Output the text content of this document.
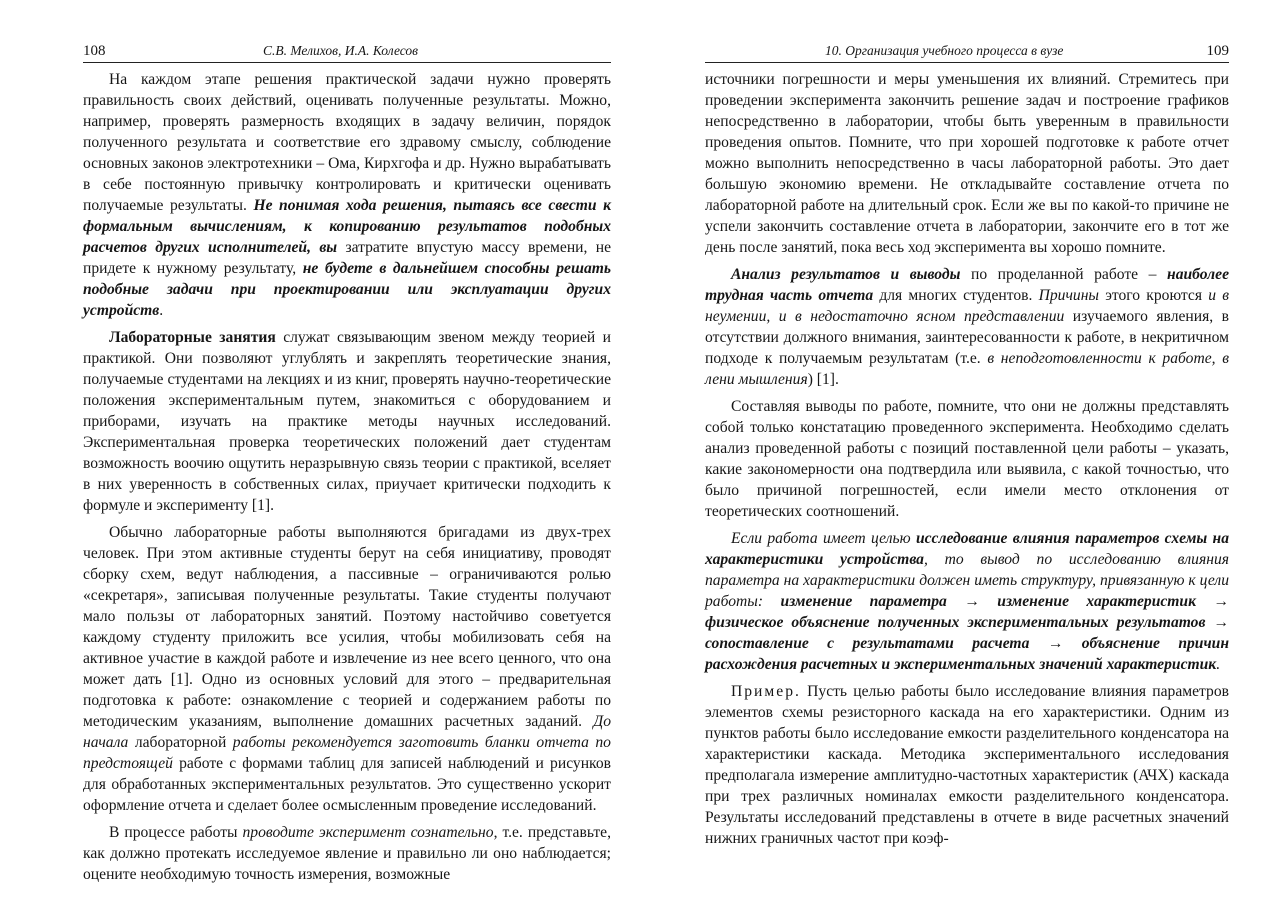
108	С.В. Мелихов, И.А. Колесов

На каждом этапе решения практической задачи нужно проверять правильность своих действий, оценивать полученные результаты. Можно, например, проверять размерность входящих в задачу величин, порядок полученного результата и соответствие его здравому смыслу, соблюдение основных законов электротехники – Ома, Кирхгофа и др. Нужно вырабатывать в себе постоянную привычку контролировать и критически оценивать получаемые результаты. Не понимая хода решения, пытаясь все свести к формальным вычислениям, к копированию результатов подобных расчетов других исполнителей, вы затратите впустую массу времени, не придете к нужному результату, не будете в дальнейшем способны решать подобные задачи при проектировании или эксплуатации других устройств.

Лабораторные занятия служат связывающим звеном между теорией и практикой. Они позволяют углублять и закреплять теоретические знания, получаемые студентами на лекциях и из книг, проверять научно-теоретические положения экспериментальным путем, знакомиться с оборудованием и приборами, изучать на практике методы научных исследований. Экспериментальная проверка теоретических положений дает студентам возможность воочию ощутить неразрывную связь теории с практикой, вселяет в них уверенность в собственных силах, приучает критически подходить к формуле и эксперименту [1].

Обычно лабораторные работы выполняются бригадами из двух-трех человек. При этом активные студенты берут на себя инициативу, проводят сборку схем, ведут наблюдения, а пассивные – ограничиваются ролью «секретаря», записывая полученные результаты. Такие студенты получают мало пользы от лабораторных занятий. Поэтому настойчиво советуется каждому студенту приложить все усилия, чтобы мобилизовать себя на активное участие в каждой работе и извлечение из нее всего ценного, что она может дать [1]. Одно из основных условий для этого – предварительная подготовка к работе: ознакомление с теорией и содержанием работы по методическим указаниям, выполнение домашних расчетных заданий. До начала лабораторной работы рекомендуется заготовить бланки отчета по предстоящей работе с формами таблиц для записей наблюдений и рисунков для обработанных экспериментальных результатов. Это существенно ускорит оформление отчета и сделает более осмысленным проведение исследований.

В процессе работы проводите эксперимент сознательно, т.е. представьте, как должно протекать исследуемое явление и правильно ли оно наблюдается; оцените необходимую точность измерения, возможные

10. Организация учебного процесса в вузе	109

источники погрешности и меры уменьшения их влияний. Стремитесь при проведении эксперимента закончить решение задач и построение графиков непосредственно в лаборатории, чтобы быть уверенным в правильности проведения опытов. Помните, что при хорошей подготовке к работе отчет можно выполнить непосредственно в часы лабораторной работы. Это дает большую экономию времени. Не откладывайте составление отчета по лабораторной работе на длительный срок. Если же вы по какой-то причине не успели закончить составление отчета в лаборатории, закончите его в тот же день после занятий, пока весь ход эксперимента вы хорошо помните.

Анализ результатов и выводы по проделанной работе – наиболее трудная часть отчета для многих студентов. Причины этого кроются и в неумении, и в недостаточно ясном представлении изучаемого явления, в отсутствии должного внимания, заинтересованности к работе, в некритичном подходе к получаемым результатам (т.е. в неподготовленности к работе, в лени мышления) [1].

Составляя выводы по работе, помните, что они не должны представлять собой только констатацию проведенного эксперимента. Необходимо сделать анализ проведенной работы с позиций поставленной цели работы – указать, какие закономерности она подтвердила или выявила, с какой точностью, что было причиной погрешностей, если имели место отклонения от теоретических соотношений.

Если работа имеет целью исследование влияния параметров схемы на характеристики устройства, то вывод по исследованию влияния параметра на характеристики должен иметь структуру, привязанную к цели работы: изменение параметра → изменение характеристик → физическое объяснение полученных экспериментальных результатов → сопоставление с результатами расчета → объяснение причин расхождения расчетных и экспериментальных значений характеристик.

Пример. Пусть целью работы было исследование влияния параметров элементов схемы резисторного каскада на его характеристики. Одним из пунктов работы было исследование емкости разделительного конденсатора на характеристики каскада. Методика экспериментального исследования предполагала измерение амплитудно-частотных характеристик (АЧХ) каскада при трех различных номиналах емкости разделительного конденсатора. Результаты исследований представлены в отчете в виде расчетных значений нижних граничных частот при коэф-
